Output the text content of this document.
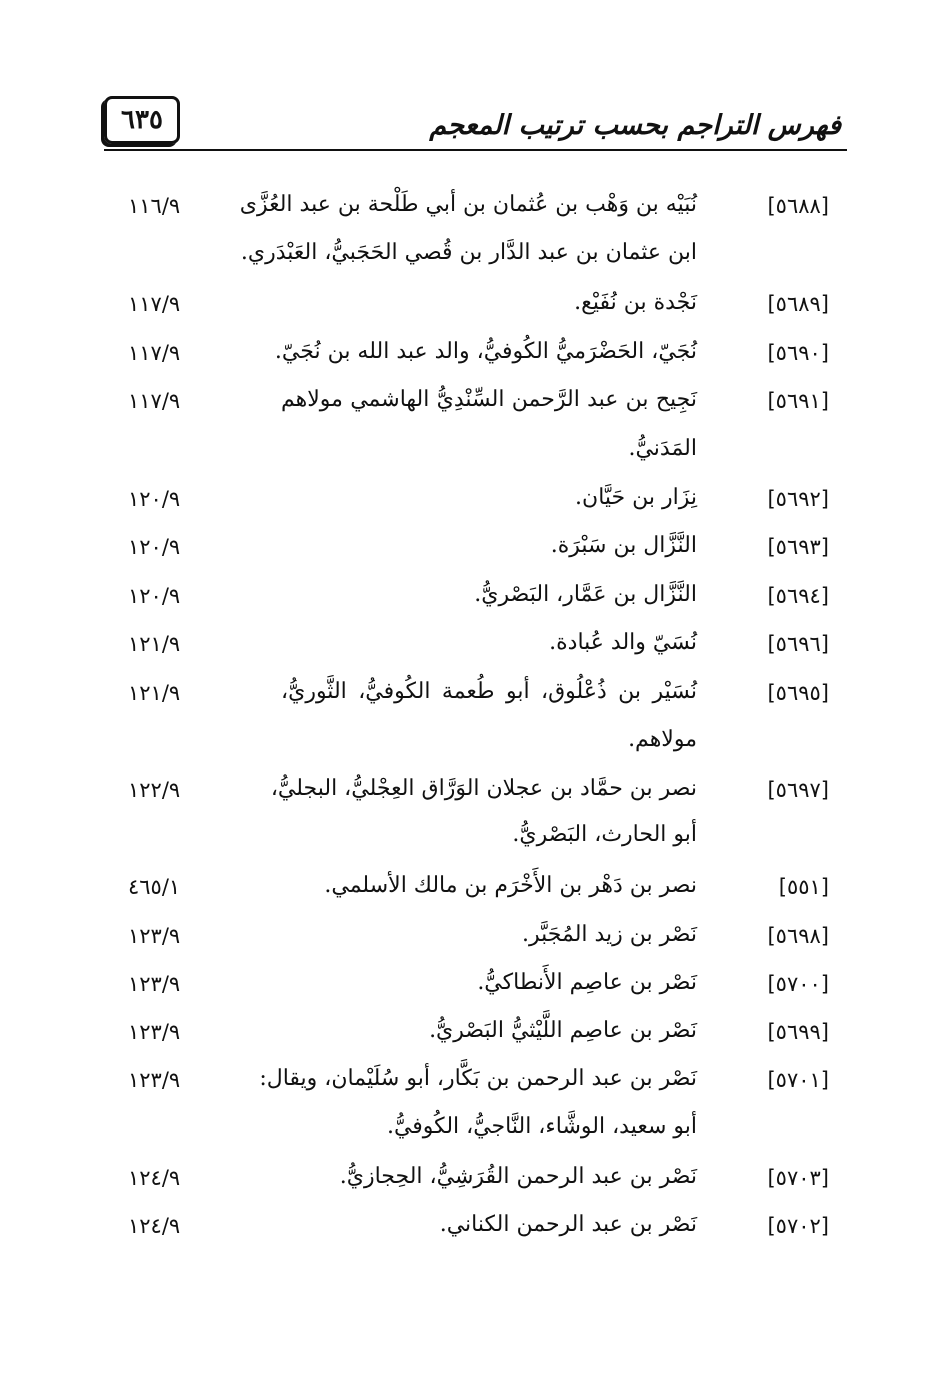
فهرس التراجم بحسب ترتيب المعجم
٦٣٥
[٥٦٨٨]
نُبَيْه بن وَهْب بن عُثمان بن أبي طَلْحة بن عبد العُزَّى
١١٦/٩
ابن عثمان بن عبد الدَّار بن قُصي الحَجَبيُّ، العَبْدَري.
[٥٦٨٩]
نَجْدة بن نُفَيْع.
١١٧/٩
[٥٦٩٠]
نُجَيّ، الحَضْرَميُّ الكُوفيُّ، والد عبد الله بن نُجَيّ.
١١٧/٩
[٥٦٩١]
نَجِيح بن عبد الرَّحمن السِّنْدِيُّ الهاشمي مولاهم
١١٧/٩
المَدَنيُّ.
[٥٦٩٢]
نِزَار بن حَيَّان.
١٢٠/٩
[٥٦٩٣]
النَّزَّال بن سَبْرَة.
١٢٠/٩
[٥٦٩٤]
النَّزَّال بن عَمَّار، البَصْريُّ.
١٢٠/٩
[٥٦٩٦]
نُسَيّ والد عُبادة.
١٢١/٩
[٥٦٩٥]
نُسَيْر بن ذُعْلُوق، أبو طُعمة الكُوفيُّ، الثَّوريُّ،
١٢١/٩
مولاهم.
[٥٦٩٧]
نصر بن حمَّاد بن عجلان الوَرَّاق العِجْليُّ، البجليُّ،
١٢٢/٩
أبو الحارث، البَصْريُّ.
[٥٥١]
نصر بن دَهْر بن الأَخْرَم بن مالك الأسلمي.
٤٦٥/١
[٥٦٩٨]
نَصْر بن زيد المُجَبَّر.
١٢٣/٩
[٥٧٠٠]
نَصْر بن عاصِم الأَنطاكيُّ.
١٢٣/٩
[٥٦٩٩]
نَصْر بن عاصِم اللَّيْثيُّ البَصْريُّ.
١٢٣/٩
[٥٧٠١]
نَصْر بن عبد الرحمن بن بَكَّار، أبو سُلَيْمان، ويقال:
١٢٣/٩
أبو سعيد، الوشَّاء، النَّاجيُّ، الكُوفيُّ.
[٥٧٠٣]
نَصْر بن عبد الرحمن القُرَشِيُّ، الحِجازيُّ.
١٢٤/٩
[٥٧٠٢]
نَصْر بن عبد الرحمن الكناني.
١٢٤/٩
